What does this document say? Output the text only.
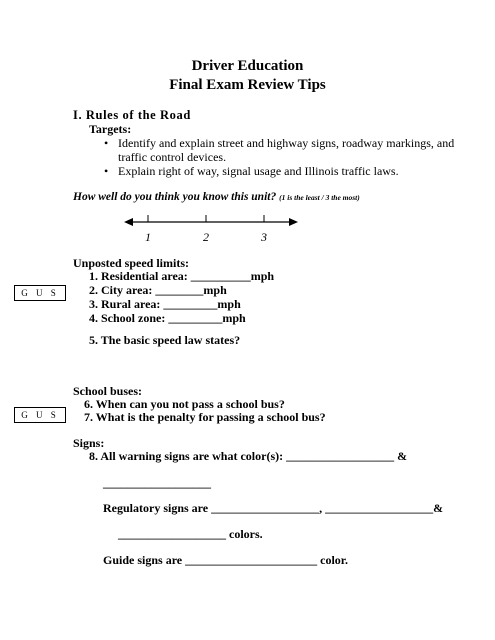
Driver Education
Final Exam Review Tips
I. Rules of the Road
Targets:
• Identify and explain street and highway signs, roadway markings, and
traffic control devices.
• Explain right of way, signal usage and Illinois traffic laws.
How well do you think you know this unit? (1 is the least / 3 the most)
1	2	3
Unposted speed limits:
1. Residential area: __________mph
2. City area: ________mph
3. Rural area: _________mph
4. School zone: _________mph
G U S
5. The basic speed law states?
School buses:
6. When can you not pass a school bus?
7. What is the penalty for passing a school bus?
G U S
Signs:
8. All warning signs are what color(s): __________________ &
__________________
Regulatory signs are __________________, __________________&
__________________ colors.
Guide signs are ______________________ color.
